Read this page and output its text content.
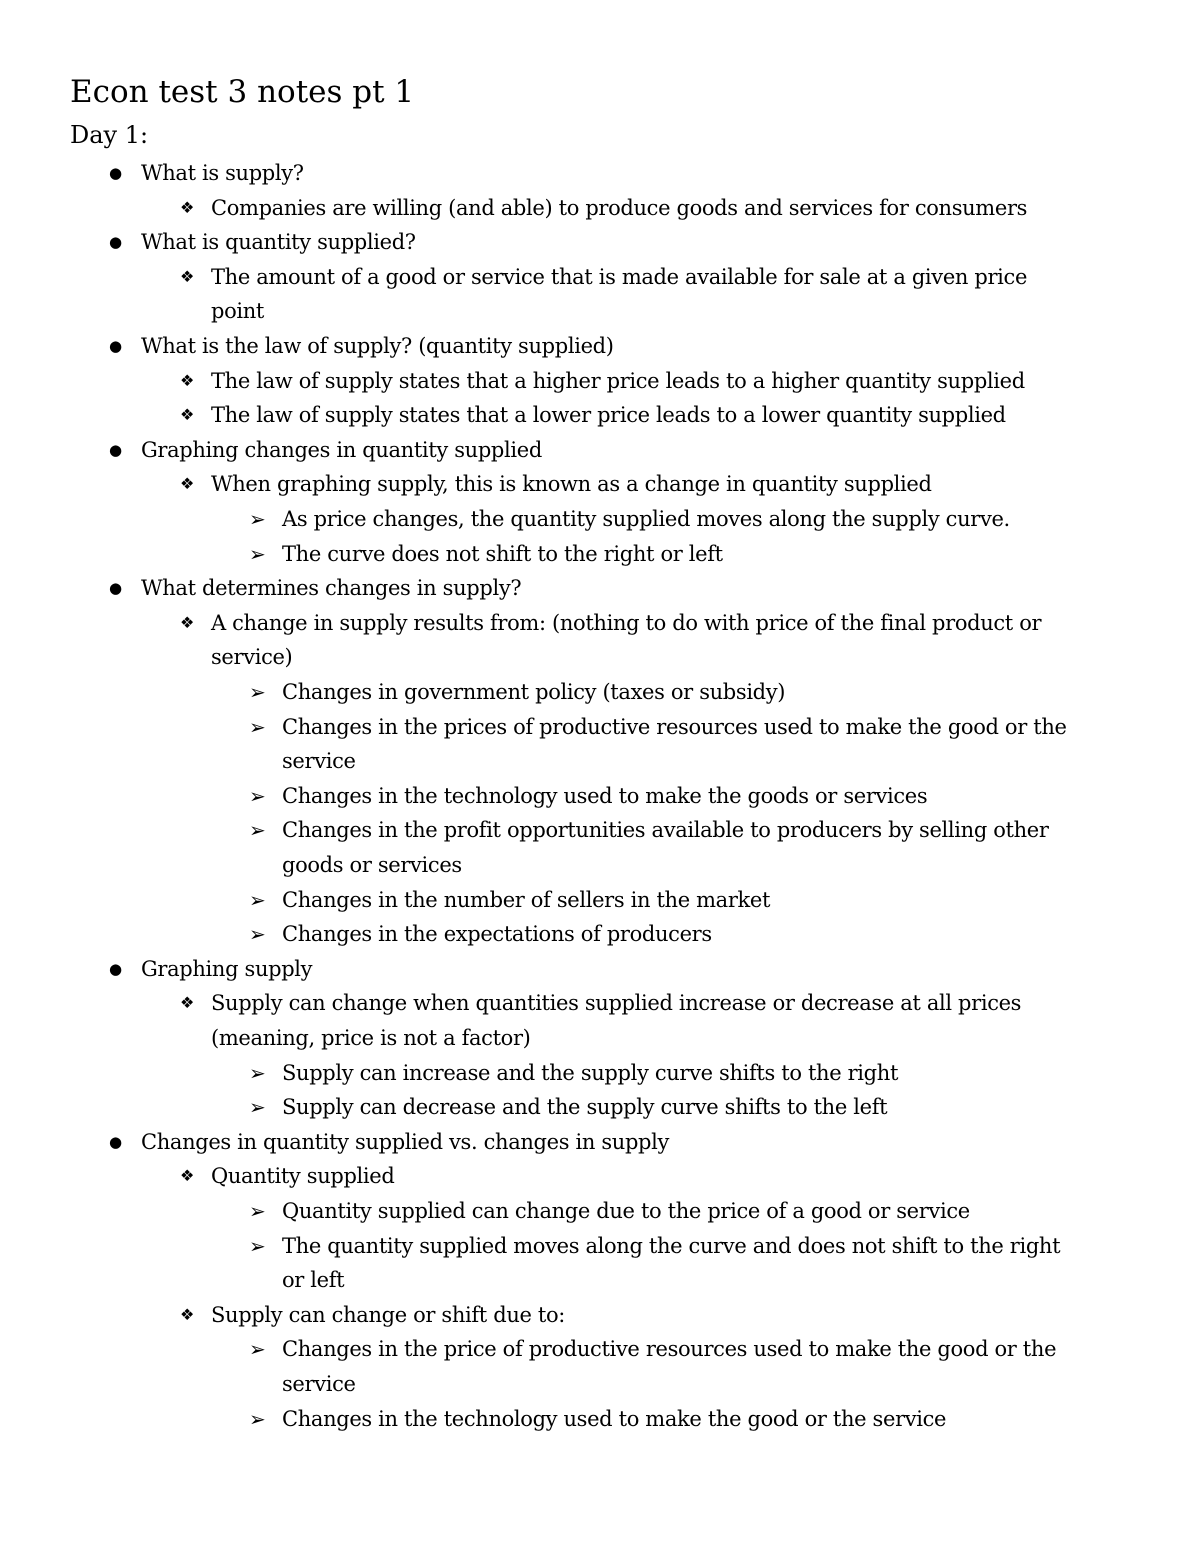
Econ test 3 notes pt 1
Day 1:
● What is supply?
❖ Companies are willing (and able) to produce goods and services for consumers
● What is quantity supplied?
❖ The amount of a good or service that is made available for sale at a given price
point
● What is the law of supply? (quantity supplied)
❖ The law of supply states that a higher price leads to a higher quantity supplied
❖ The law of supply states that a lower price leads to a lower quantity supplied
● Graphing changes in quantity supplied
❖ When graphing supply, this is known as a change in quantity supplied
➢ As price changes, the quantity supplied moves along the supply curve.
➢ The curve does not shift to the right or left
● What determines changes in supply?
❖ A change in supply results from: (nothing to do with price of the final product or
service)
➢ Changes in government policy (taxes or subsidy)
➢ Changes in the prices of productive resources used to make the good or the
service
➢ Changes in the technology used to make the goods or services
➢ Changes in the profit opportunities available to producers by selling other
goods or services
➢ Changes in the number of sellers in the market
➢ Changes in the expectations of producers
● Graphing supply
❖ Supply can change when quantities supplied increase or decrease at all prices
(meaning, price is not a factor)
➢ Supply can increase and the supply curve shifts to the right
➢ Supply can decrease and the supply curve shifts to the left
● Changes in quantity supplied vs. changes in supply
❖ Quantity supplied
➢ Quantity supplied can change due to the price of a good or service
➢ The quantity supplied moves along the curve and does not shift to the right
or left
❖ Supply can change or shift due to:
➢ Changes in the price of productive resources used to make the good or the
service
➢ Changes in the technology used to make the good or the service
